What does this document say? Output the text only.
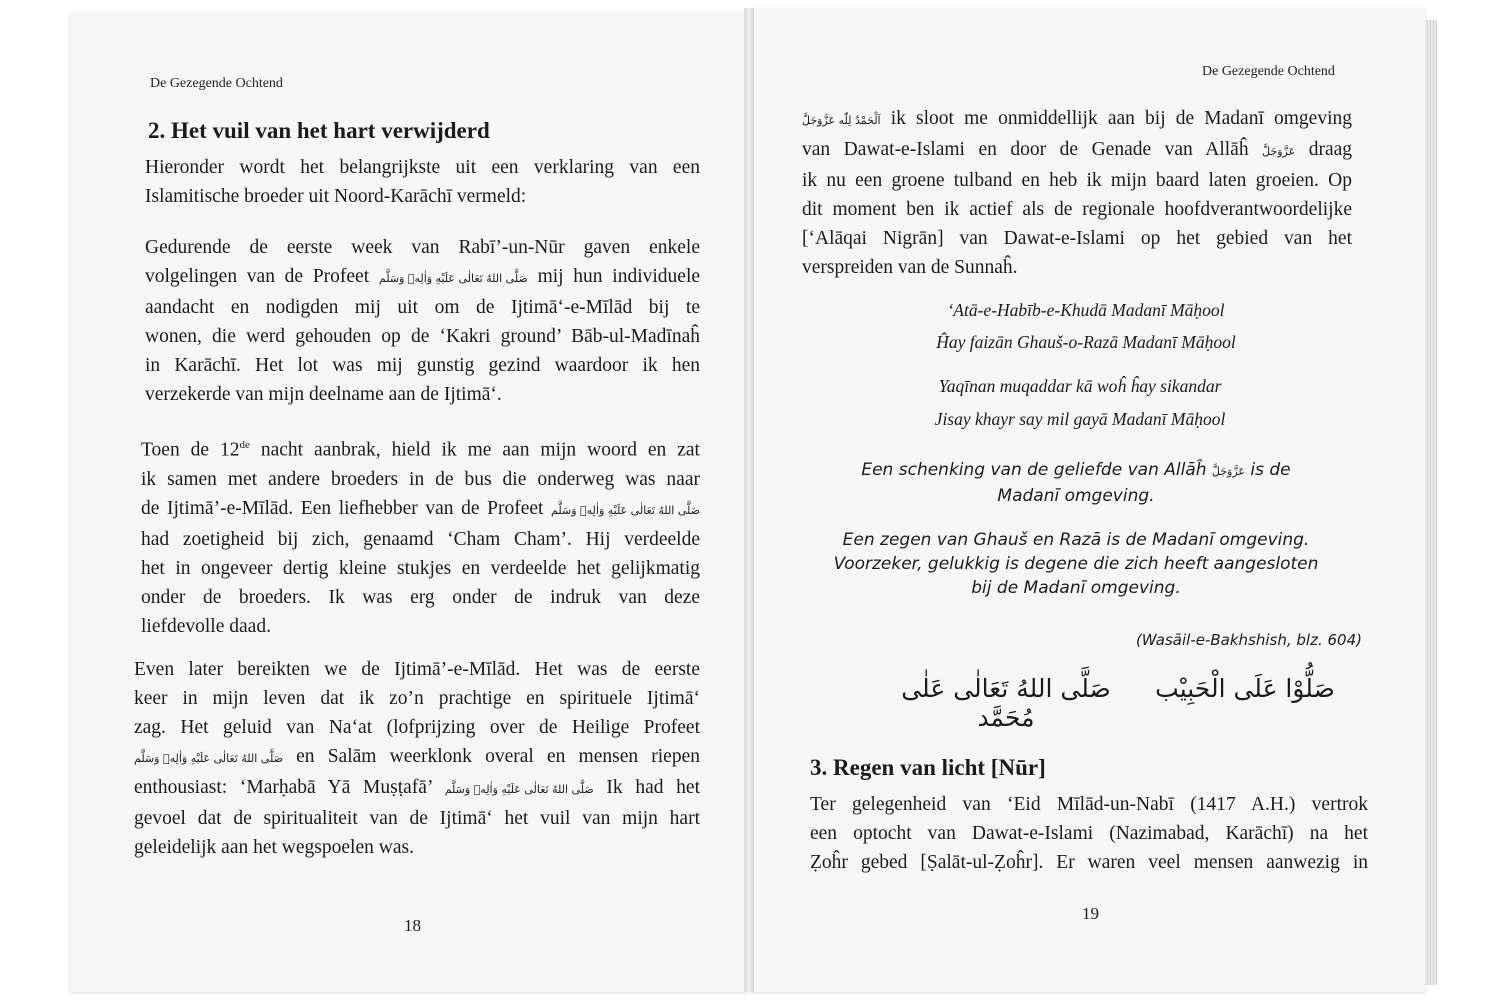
De Gezegende Ochtend
2. Het vuil van het hart verwijderd
Hieronder wordt het belangrijkste uit een verklaring van een
Islamitische broeder uit Noord-Karāchī vermeld:
Gedurende de eerste week van Rabī’-un-Nūr gaven enkele
volgelingen van de Profeet صَلَّى اللهُ تَعَالٰى عَلَيْهِ وَاٰلِهٖ وَسَلَّم mij hun individuele
aandacht en nodigden mij uit om de Ijtimā‘-e-Mīlād bij te
wonen, die werd gehouden op de ‘Kakri ground’ Bāb-ul-Madīnaĥ
in Karāchī. Het lot was mij gunstig gezind waardoor ik hen
verzekerde van mijn deelname aan de Ijtimā‘.
Toen de 12de nacht aanbrak, hield ik me aan mijn woord en zat
ik samen met andere broeders in de bus die onderweg was naar
de Ijtimā’-e-Mīlād. Een liefhebber van de Profeet صَلَّى اللهُ تَعَالٰى عَلَيْهِ وَاٰلِهٖ وَسَلَّم
had zoetigheid bij zich, genaamd ‘Cham Cham’. Hij verdeelde
het in ongeveer dertig kleine stukjes en verdeelde het gelijkmatig
onder de broeders. Ik was erg onder de indruk van deze
liefdevolle daad.
Even later bereikten we de Ijtimā’-e-Mīlād. Het was de eerste
keer in mijn leven dat ik zo’n prachtige en spirituele Ijtimā‘
zag. Het geluid van Na‘at (lofprijzing over de Heilige Profeet
صَلَّى اللهُ تَعَالٰى عَلَيْهِ وَاٰلِهٖ وَسَلَّم en Salām weerklonk overal en mensen riepen
enthousiast: ‘Marḥabā Yā Muṣṭafā’ صَلَّى اللهُ تَعَالٰى عَلَيْهِ وَاٰلِهٖ وَسَلَّم Ik had het
gevoel dat de spiritualiteit van de Ijtimā‘ het vuil van mijn hart
geleidelijk aan het wegspoelen was.
18
De Gezegende Ochtend
اَلْحَمْدُ لِلّٰه عَزَّوَجَلَّ ik sloot me onmiddellijk aan bij de Madanī omgeving
van Dawat-e-Islami en door de Genade van Allāĥ عَزَّوَجَلَّ draag
ik nu een groene tulband en heb ik mijn baard laten groeien. Op
dit moment ben ik actief als de regionale hoofdverantwoordelijke
[‘Alāqai Nigrān] van Dawat-e-Islami op het gebied van het
verspreiden van de Sunnaĥ.
‘Atā-e-Habīb-e-Khudā Madanī Māḥool
Ĥay faizān Ghauš-o-Razā Madanī Māḥool
Yaqīnan muqaddar kā woĥ ĥay sikandar
Jisay khayr say mil gayā Madanī Māḥool
Een schenking van de geliefde van Allāĥ عَزَّوَجَلَّ is de
Madanī omgeving.
Een zegen van Ghauš en Razā is de Madanī omgeving.
Voorzeker, gelukkig is degene die zich heeft aangesloten
bij de Madanī omgeving.
(Wasāil-e-Bakhshish, blz. 604)
صَلُّوْا عَلَى الْحَبِيْب
صَلَّى اللهُ تَعَالٰى عَلٰى مُحَمَّد
3. Regen van licht [Nūr]
Ter gelegenheid van ‘Eid Mīlād-un-Nabī (1417 A.H.) vertrok
een optocht van Dawat-e-Islami (Nazimabad, Karāchī) na het
Ẓoĥr gebed [Ṣalāt-ul-Ẓoĥr]. Er waren veel mensen aanwezig in
19
